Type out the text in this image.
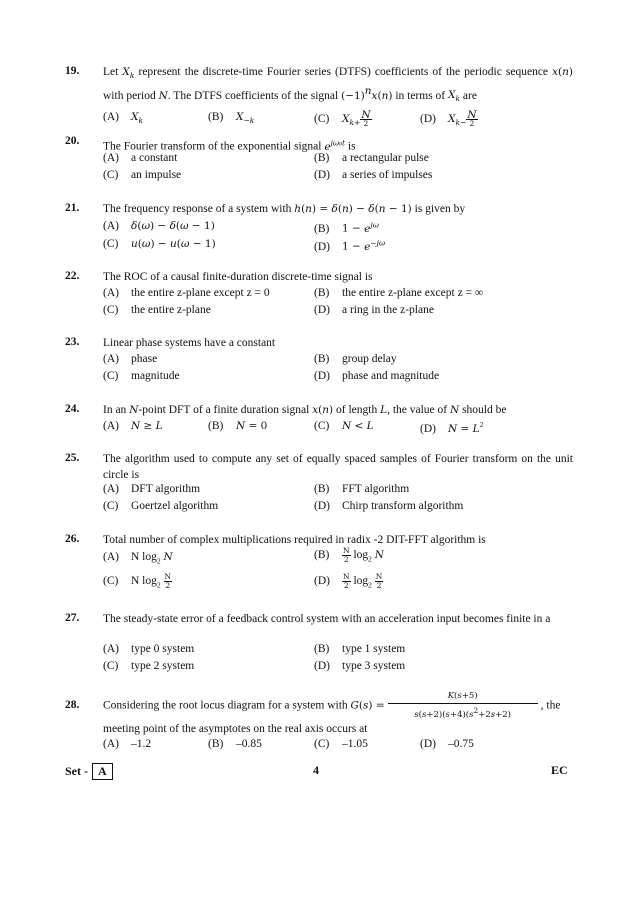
19. Let $X_k$ represent the discrete-time Fourier series (DTFS) coefficients of the periodic sequence x(n) with period N. The DTFS coefficients of the signal $(-1)^nx(n)$ in terms of $X_k$ are
(A) $X_k$	(B) $X_{-k}$	(C) $X_{k+} \frac{N}{2}$	(D) $X_{k-} \frac{N}{2}$
20. The Fourier transform of the exponential signal $e^{j\omega_0t}$ is
(A) a constant	(B) a rectangular pulse
(C) an impulse	(D) a series of impulses
21. The frequency response of a system with h(n) = δ(n) − δ(n − 1) is given by
(A) δ(ω) − δ(ω − 1)	(B) $1 - e^{j\omega}$
(C) u(ω) − u(ω − 1)	(D) $1 - e^{-j\omega}$
22. The ROC of a causal finite-duration discrete-time signal is
(A) the entire z-plane except z = 0	(B) the entire z-plane except z = ∞
(C) the entire z-plane	(D) a ring in the z-plane
23. Linear phase systems have a constant
(A) phase	(B) group delay
(C) magnitude	(D) phase and magnitude
24. In an N-point DFT of a finite duration signal x(n) of length L, the value of N should be
(A) N ≥ L	(B) N = 0	(C) N < L	(D) $N = L^2$
25. The algorithm used to compute any set of equally spaced samples of Fourier transform on the unit circle is
(A) DFT algorithm	(B) FFT algorithm
(C) Goertzel algorithm	(D) Chirp transform algorithm
26. Total number of complex multiplications required in radix -2 DIT-FFT algorithm is
(A) N $\log_2 N$	$(B) \frac{N}{2} \log_2 N$
(C) N $\log_2 \frac{N}{2}$	$(D) \frac{N}{2} \log_2 \frac{N}{2}$
27. The steady-state error of a feedback control system with an acceleration input becomes finite in a
(A) type 0 system	(B) type 1 system
(C) type 2 system	(D) type 3 system
28. Considering the root locus diagram for a system with $G(s) = \frac{K(s+5)}{s(s+2)(s+4)(s^2+2s+2)}$ , the
meeting point of the asymptotes on the real axis occurs at
(A) –1.2	(B) –0.85	(C) –1.05	(D) –0.75
Set - A	4	EC
